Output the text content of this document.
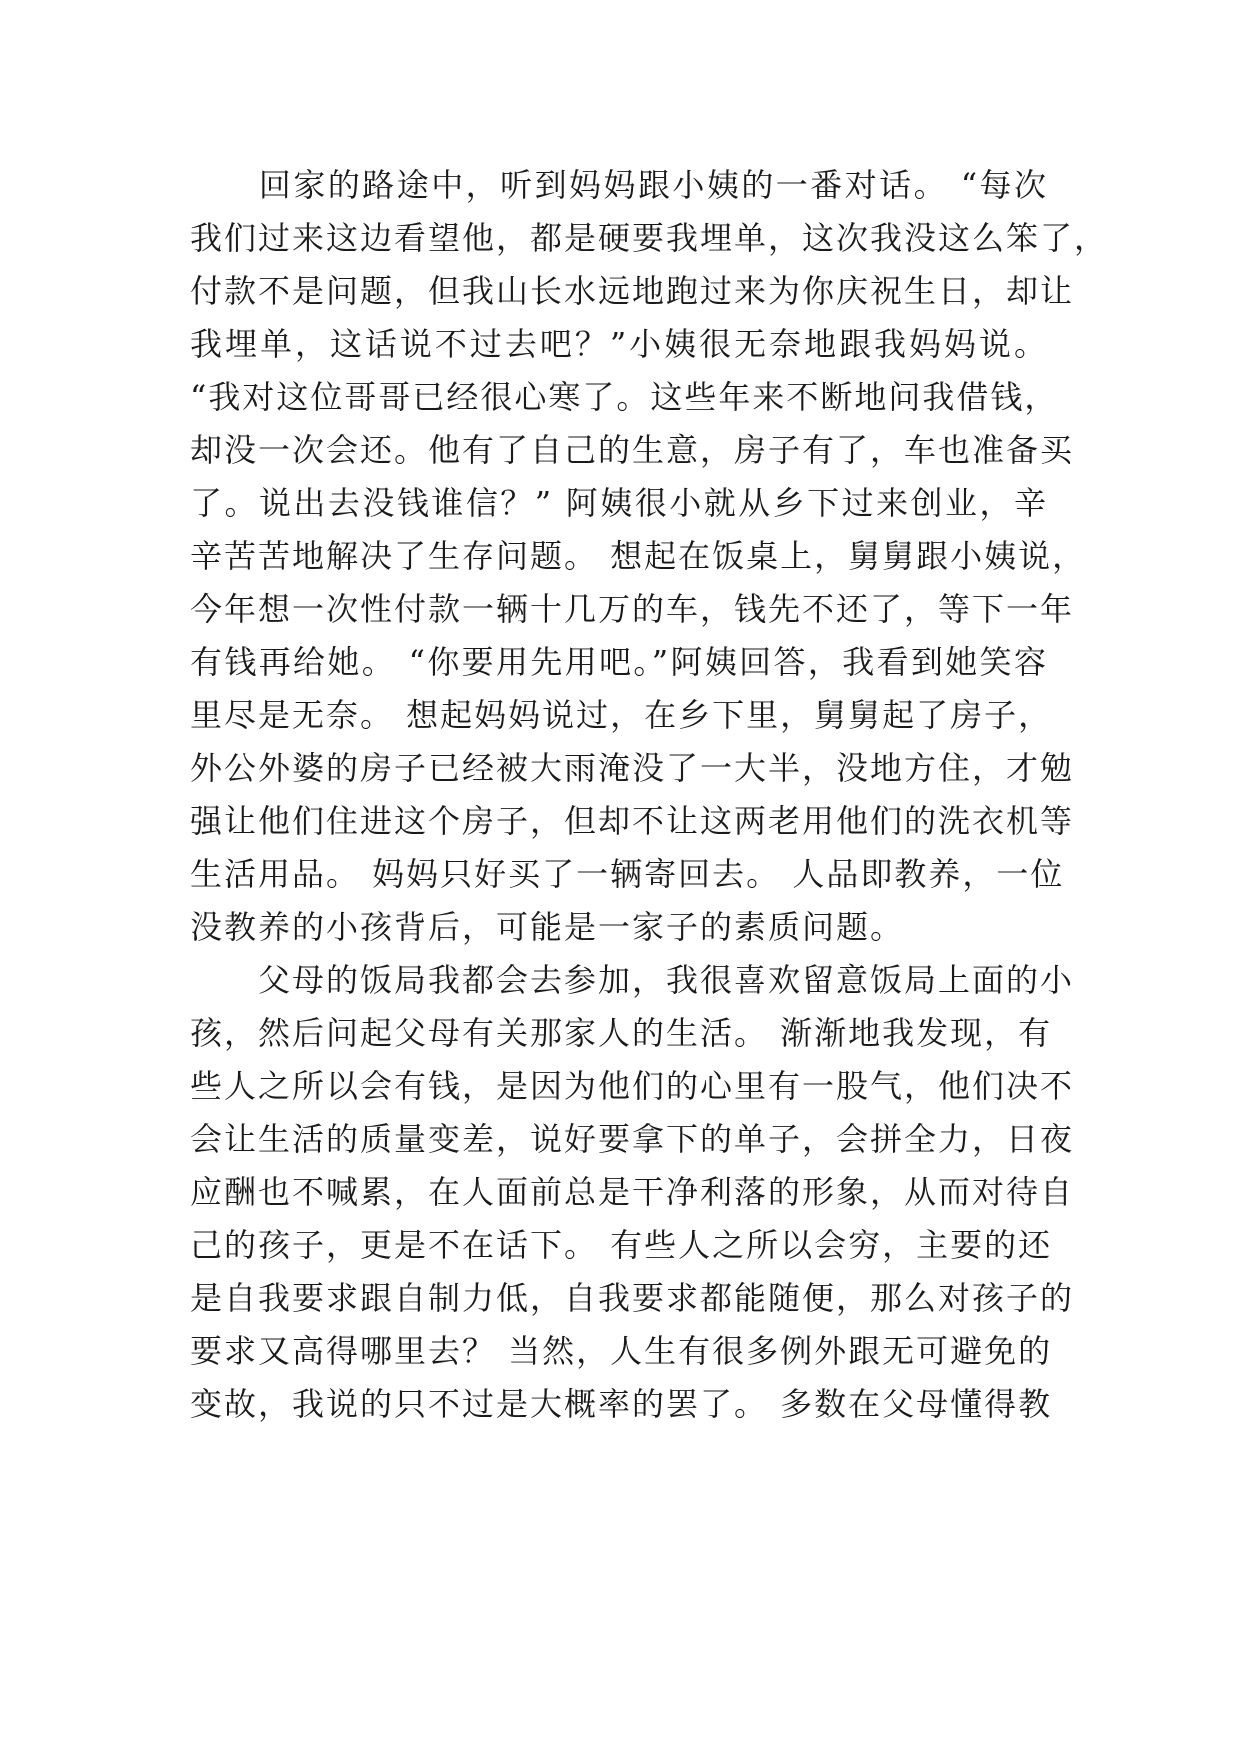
　　回家的路途中，听到妈妈跟小姨的一番对话。 “每次
我们过来这边看望他，都是硬要我埋单，这次我没这么笨了，
付款不是问题，但我山长水远地跑过来为你庆祝生日，却让
我埋单，这话说不过去吧？”小姨很无奈地跟我妈妈说。
“我对这位哥哥已经很心寒了。这些年来不断地问我借钱，
却没一次会还。他有了自己的生意，房子有了，车也准备买
了。说出去没钱谁信？” 阿姨很小就从乡下过来创业，辛
辛苦苦地解决了生存问题。 想起在饭桌上，舅舅跟小姨说，
今年想一次性付款一辆十几万的车，钱先不还了，等下一年
有钱再给她。 “你要用先用吧。”阿姨回答，我看到她笑容
里尽是无奈。 想起妈妈说过，在乡下里，舅舅起了房子，
外公外婆的房子已经被大雨淹没了一大半，没地方住，才勉
强让他们住进这个房子，但却不让这两老用他们的洗衣机等
生活用品。 妈妈只好买了一辆寄回去。 人品即教养，一位
没教养的小孩背后，可能是一家子的素质问题。
　　父母的饭局我都会去参加，我很喜欢留意饭局上面的小
孩，然后问起父母有关那家人的生活。 渐渐地我发现，有
些人之所以会有钱，是因为他们的心里有一股气，他们决不
会让生活的质量变差，说好要拿下的单子，会拼全力，日夜
应酬也不喊累，在人面前总是干净利落的形象，从而对待自
己的孩子，更是不在话下。 有些人之所以会穷，主要的还
是自我要求跟自制力低，自我要求都能随便，那么对孩子的
要求又高得哪里去？ 当然，人生有很多例外跟无可避免的
变故，我说的只不过是大概率的罢了。 多数在父母懂得教
